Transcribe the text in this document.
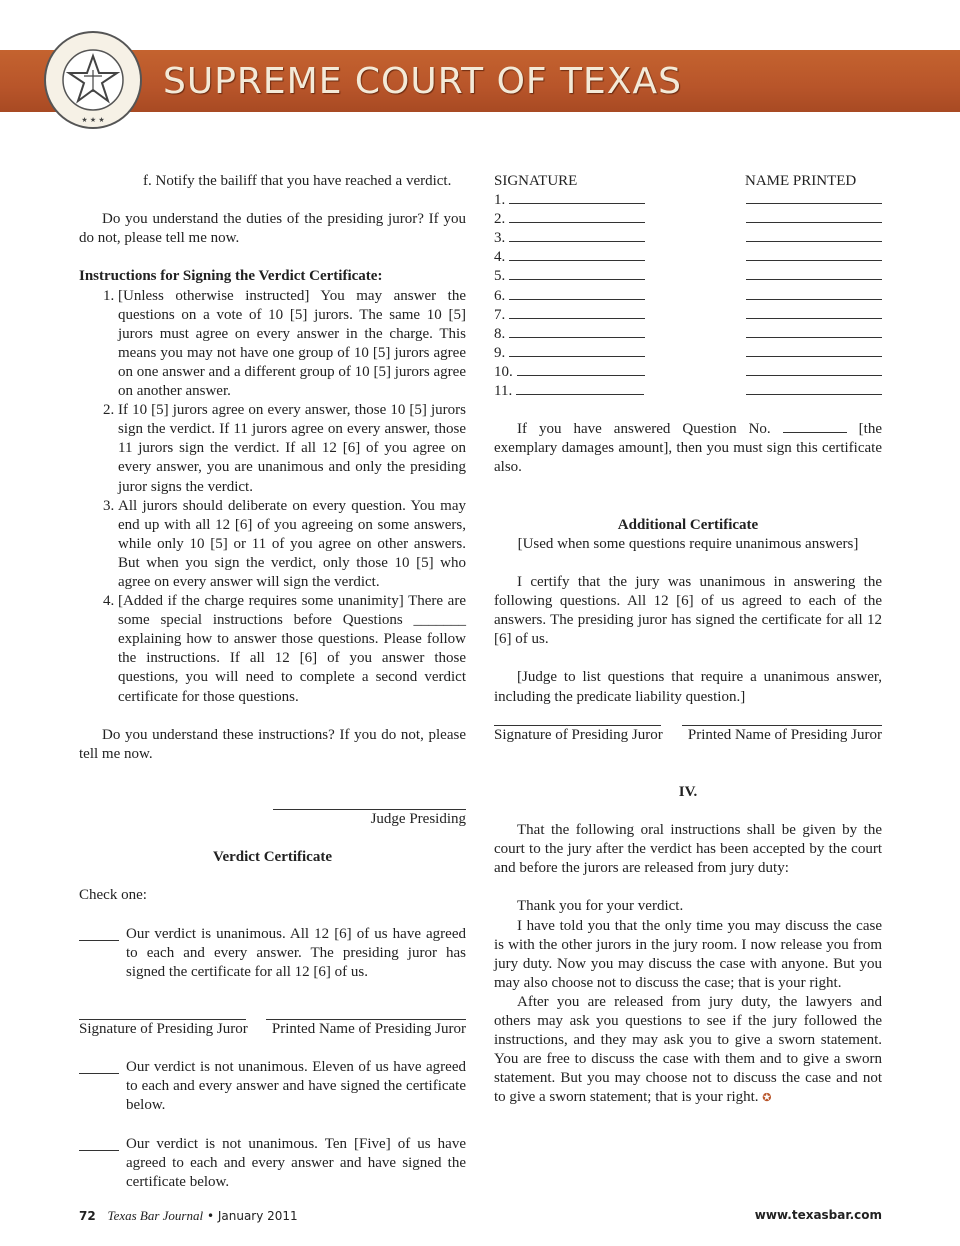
★ ★ ★
SUPREME COURT OF TEXAS

f. Notify the bailiff that you have reached a verdict.

Do you understand the duties of the presiding juror? If you do not, please tell me now.

Instructions for Signing the Verdict Certificate:

1. [Unless otherwise instructed] You may answer the questions on a vote of 10 [5] jurors. The same 10 [5] jurors must agree on every answer in the charge. This means you may not have one group of 10 [5] jurors agree on one answer and a different group of 10 [5] jurors agree on another answer.
2. If 10 [5] jurors agree on every answer, those 10 [5] jurors sign the verdict. If 11 jurors agree on every answer, those 11 jurors sign the verdict. If all 12 [6] of you agree on every answer, you are unanimous and only the presiding juror signs the verdict.
3. All jurors should deliberate on every question. You may end up with all 12 [6] of you agreeing on some answers, while only 10 [5] or 11 of you agree on other answers. But when you sign the verdict, only those 10 [5] who agree on every answer will sign the verdict.
4. [Added if the charge requires some unanimity] There are some special instructions before Questions _______ explaining how to answer those questions. Please follow the instructions. If all 12 [6] of you answer those questions, you will need to complete a second verdict certificate for those questions.

Do you understand these instructions? If you do not, please tell me now.

Judge Presiding

Verdict Certificate

Check one:

Our verdict is unanimous. All 12 [6] of us have agreed to each and every answer. The presiding juror has signed the certificate for all 12 [6] of us.
Signature of Presiding Juror Printed Name of Presiding Juror
Our verdict is not unanimous. Eleven of us have agreed to each and every answer and have signed the certificate below.
Our verdict is not unanimous. Ten [Five] of us have agreed to each and every answer and have signed the certificate below.
SIGNATURE	NAME PRINTED
1.
2.
3.
4.
5.
6.
7.
8.
9.
10.
11.

If you have answered Question No.	[the exemplary damages amount], then you must sign this certificate also.

Additional Certificate

[Used when some questions require unanimous answers]

I certify that the jury was unanimous in answering the following questions. All 12 [6] of us agreed to each of the answers. The presiding juror has signed the certificate for all 12 [6] of us.

[Judge to list questions that require a unanimous answer, including the predicate liability question.]

Signature of Presiding Juror Printed Name of Presiding Juror

IV.

That the following oral instructions shall be given by the court to the jury after the verdict has been accepted by the court and before the jurors are released from jury duty:

Thank you for your verdict.

I have told you that the only time you may discuss the case is with the other jurors in the jury room. I now release you from jury duty. Now you may discuss the case with anyone. But you may also choose not to discuss the case; that is your right.

After you are released from jury duty, the lawyers and others may ask you questions to see if the jury followed the instructions, and they may ask you to give a sworn statement. You are free to discuss the case with them and to give a sworn statement. But you may choose not to discuss the case and not to give a sworn statement; that is your right. ✪

72 Texas Bar Journal • January 2011	www.texasbar.com
